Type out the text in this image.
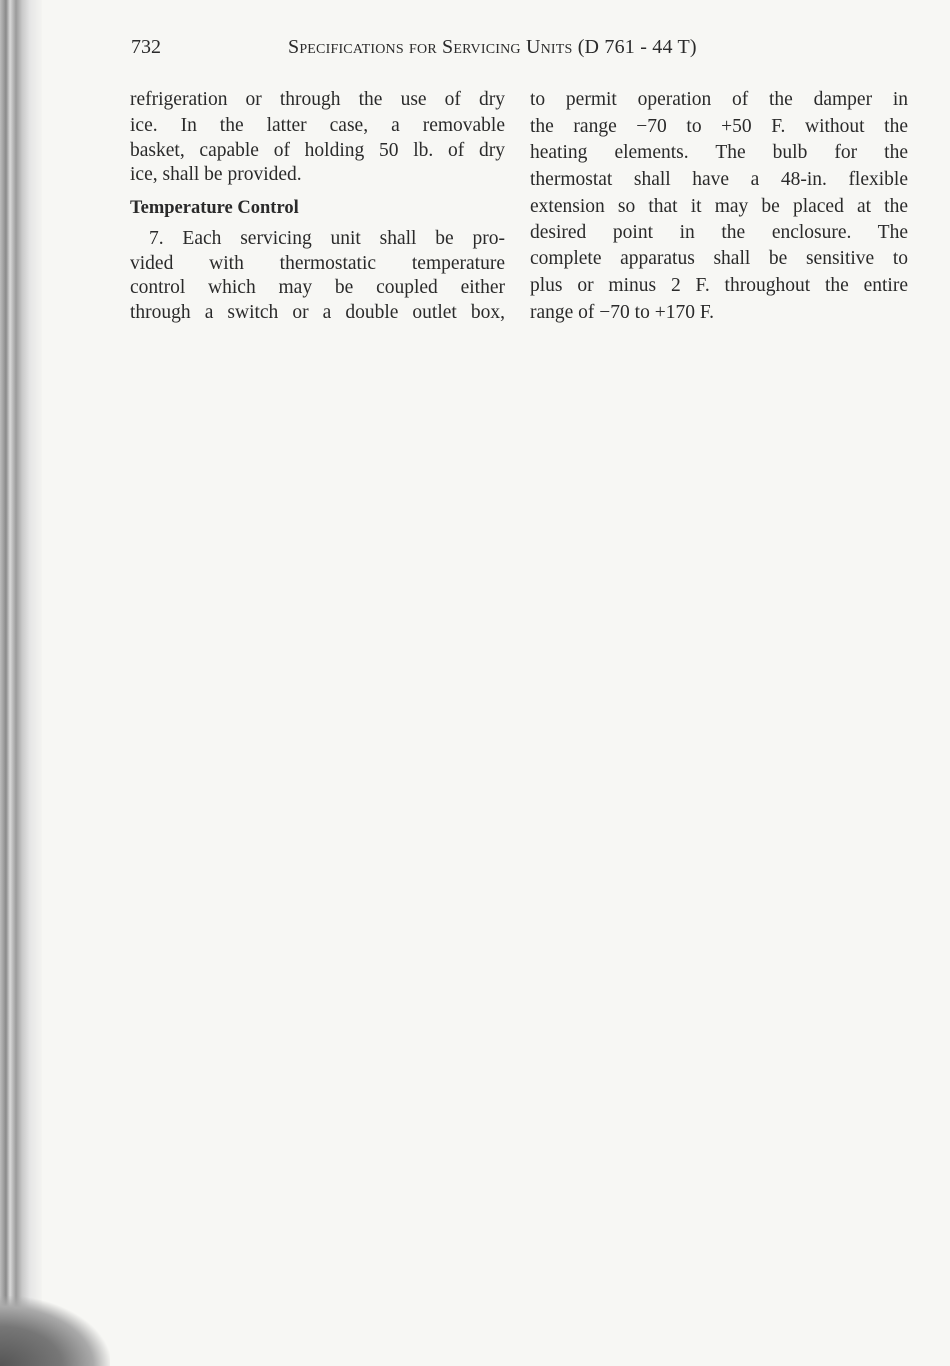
732	Specifications for Servicing Units (D 761 - 44 T)
refrigeration or through the use of dry
ice. In the latter case, a removable
basket, capable of holding 50 lb. of dry
ice, shall be provided.
Temperature Control
7. Each servicing unit shall be pro-
vided with thermostatic temperature
control which may be coupled either
through a switch or a double outlet box,
to permit operation of the damper in
the range −70 to +50 F. without the
heating elements. The bulb for the
thermostat shall have a 48-in. flexible
extension so that it may be placed at the
desired point in the enclosure. The
complete apparatus shall be sensitive to
plus or minus 2 F. throughout the entire
range of −70 to +170 F.
